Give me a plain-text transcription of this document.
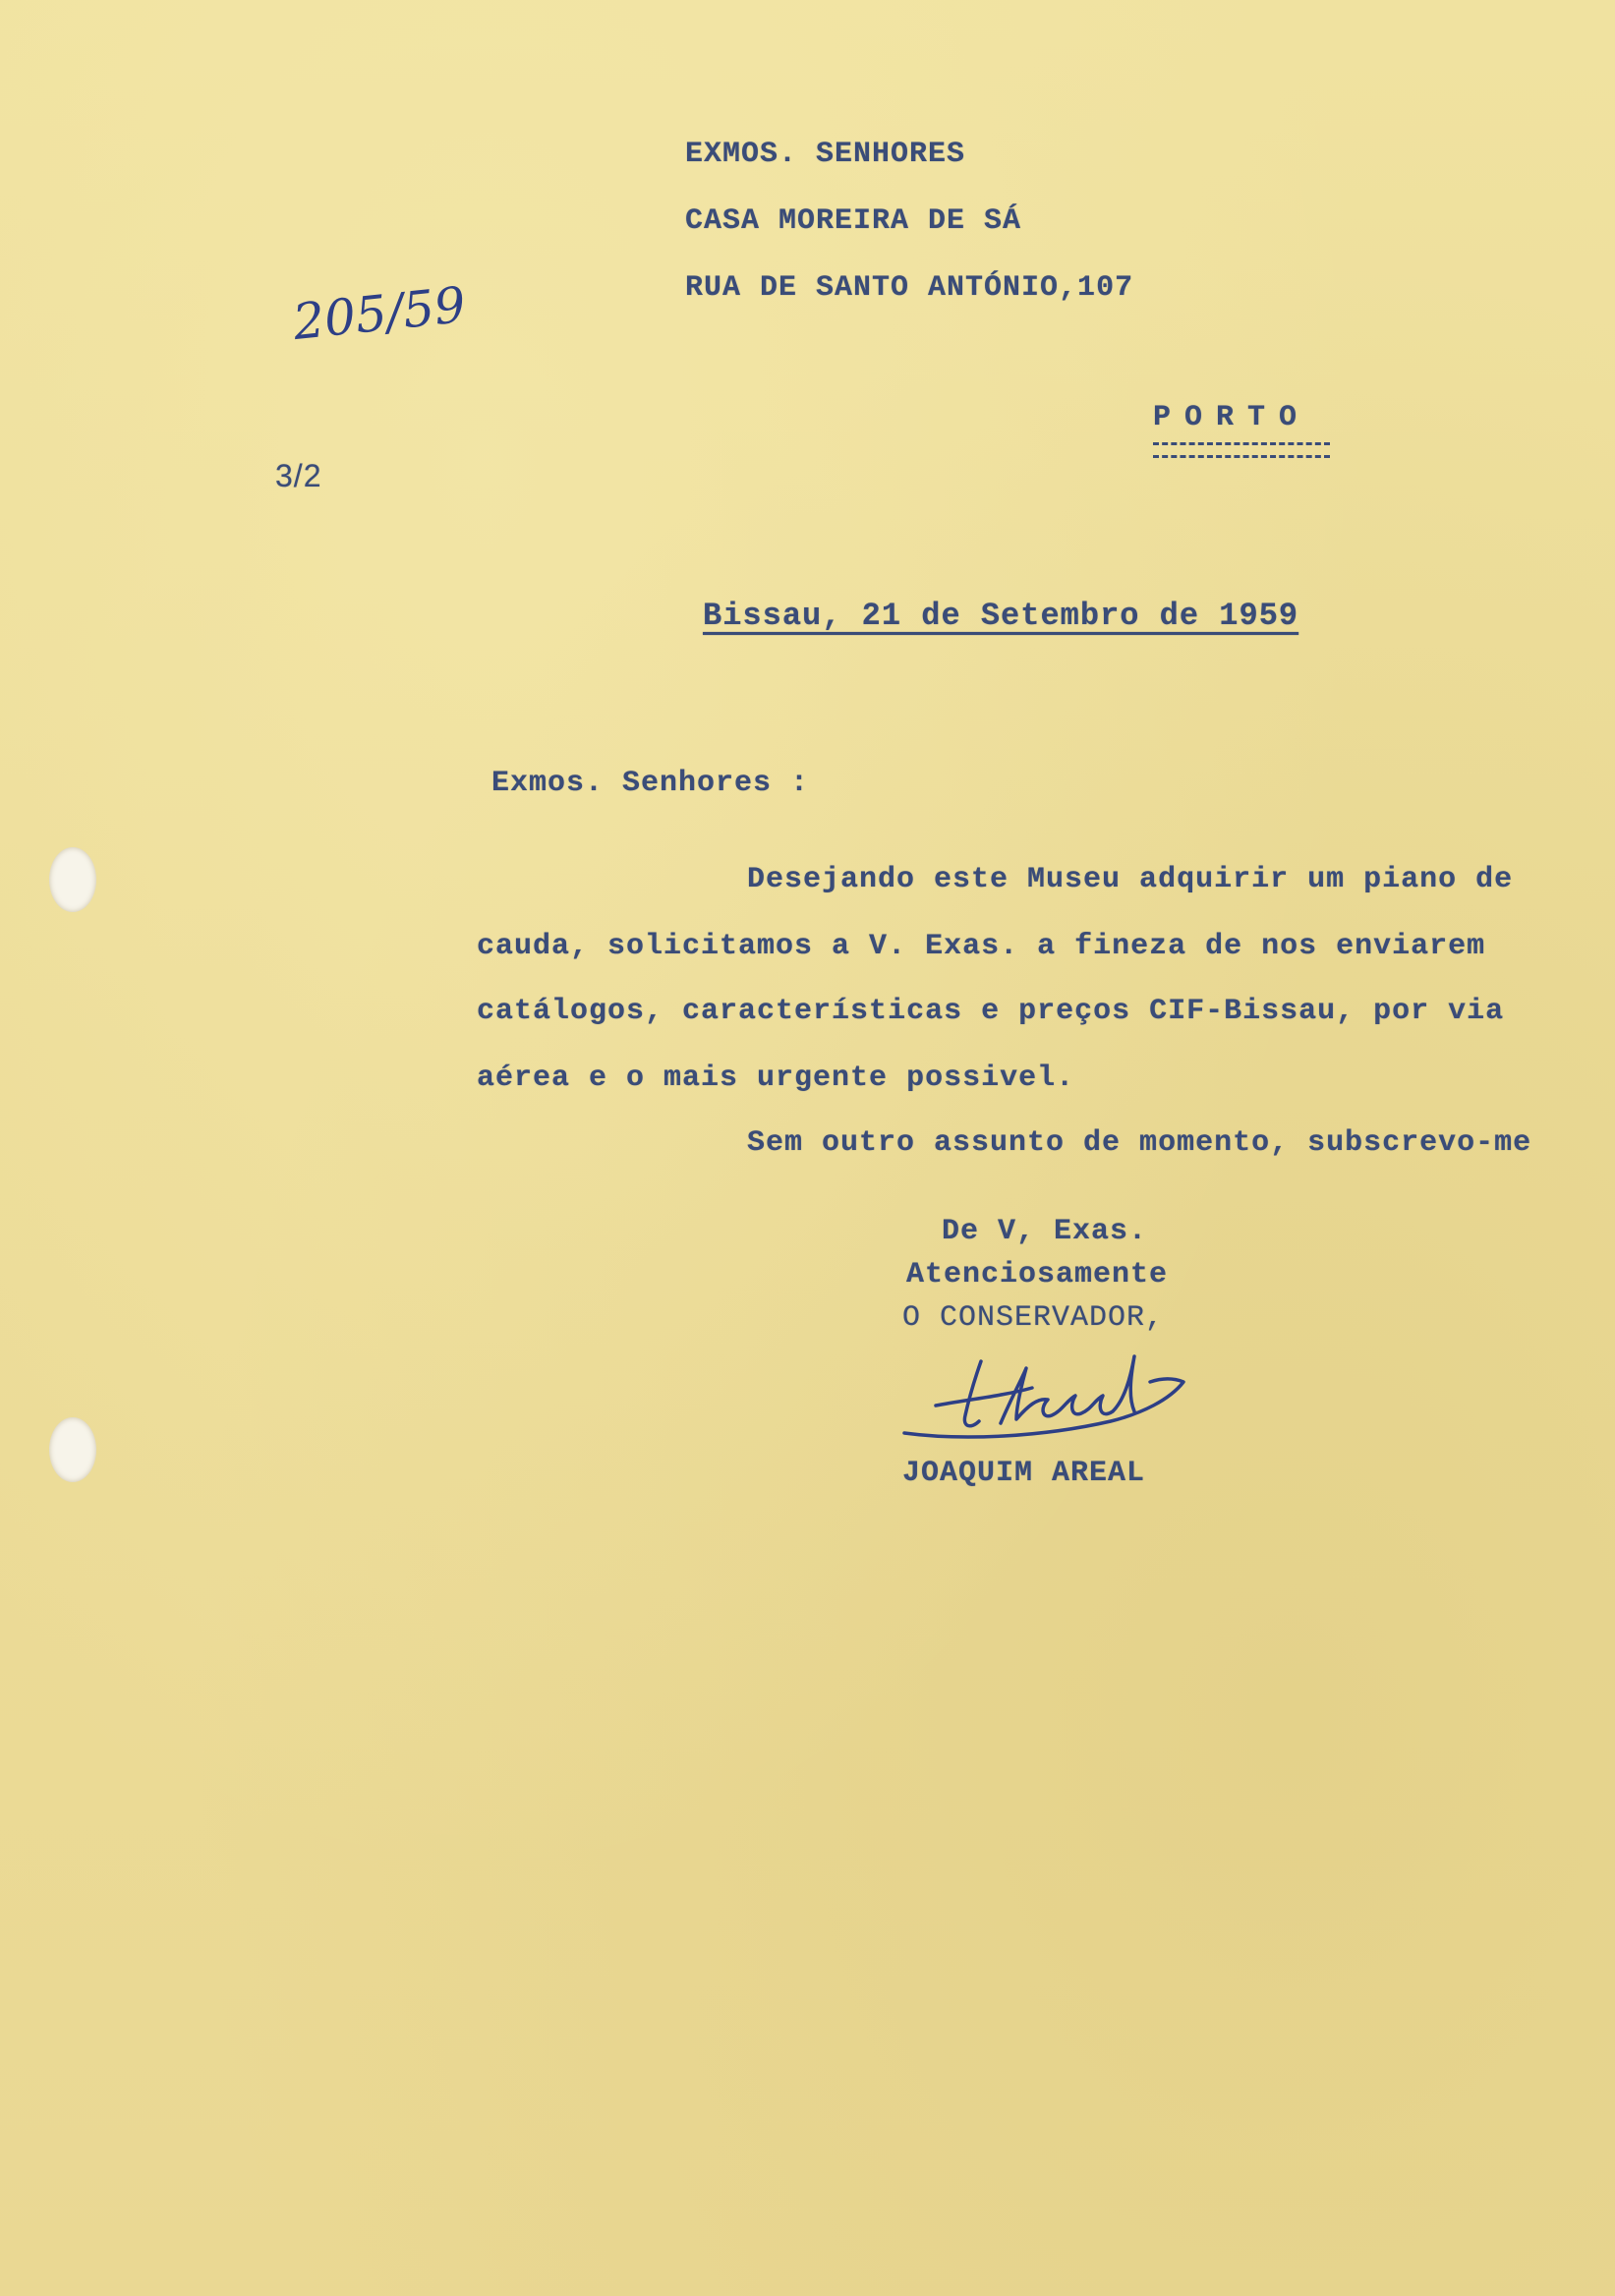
205/59
3/2
EXMOS. SENHORES
CASA MOREIRA DE SÁ
RUA DE SANTO ANTÓNIO,107
PORTO
Bissau, 21 de Setembro de 1959
Exmos. Senhores :
Desejando este Museu adquirir um piano de
cauda, solicitamos a V. Exas. a fineza de nos enviarem
catálogos, características e preços CIF-Bissau, por via
aérea e o mais urgente possivel.
Sem outro assunto de momento, subscrevo-me
De V, Exas.
Atenciosamente
O CONSERVADOR,
JOAQUIM AREAL
